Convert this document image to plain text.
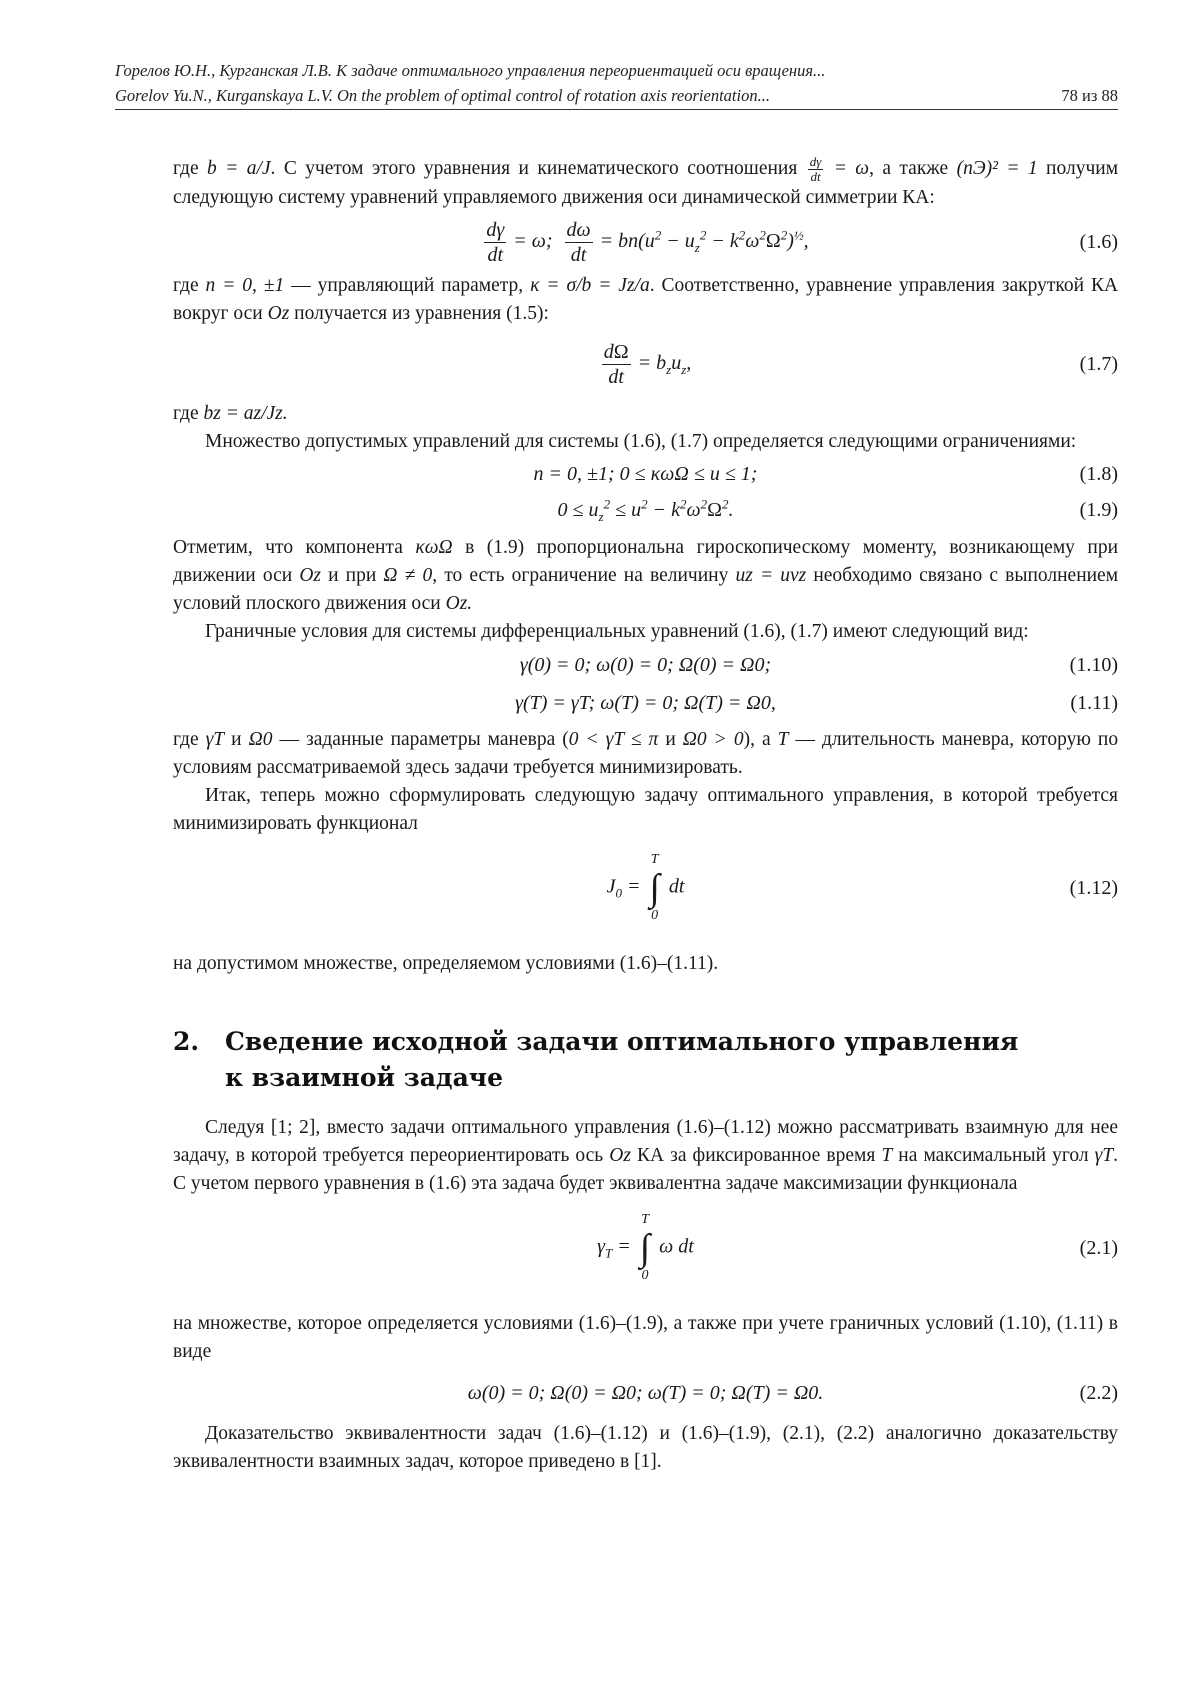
Горелов Ю.Н., Курганская Л.В. К задаче оптимального управления переориентацией оси вращения...
Gorelov Yu.N., Kurganskaya L.V. On the problem of optimal control of rotation axis reorientation...	78 из 88

где b = a/J. С учетом этого уравнения и кинематического соотношения $\frac{d\gamma}{dt} = \omega$, а также (nЭ)² = 1 получим следующую систему уравнений управляемого движения оси динамической симметрии КА:

$\frac{d\gamma}{dt} = \omega$; $\frac{d\omega}{dt} = bn(u^2 - u_z^2 - k^2\omega^2\Omega^2)^{\frac{1}{2}}$,	(1.6)

где n = 0, ±1 — управляющий параметр, κ = σ/b = Jz/a. Соответственно, уравнение управления закруткой КА вокруг оси Oz получается из уравнения (1.5):

$\frac{d\Omega}{dt} = b_zu_z$,	(1.7)

где bz = az/Jz.

Множество допустимых управлений для системы (1.6), (1.7) определяется следующими ограничениями:

n = 0, ±1; 0 ≤ κωΩ ≤ u ≤ 1;	(1.8)
$0 \le u_z^2 \le u^2 - k^2\omega^2\Omega^2$.	(1.9)

Отметим, что компонента κωΩ в (1.9) пропорциональна гироскопическому моменту, возникающему при движении оси Oz и при Ω ≠ 0, то есть ограничение на величину uz = uνz необходимо связано с выполнением условий плоского движения оси Oz.

Граничные условия для системы дифференциальных уравнений (1.6), (1.7) имеют следующий вид:

γ(0) = 0; ω(0) = 0; Ω(0) = Ω0;	(1.10)
γ(T) = γT; ω(T) = 0; Ω(T) = Ω0,	(1.11)

где γT и Ω0 — заданные параметры маневра (0 < γT ≤ π и Ω0 > 0), а T — длительность маневра, которую по условиям рассматриваемой здесь задачи требуется минимизировать.

Итак, теперь можно сформулировать следующую задачу оптимального управления, в которой требуется минимизировать функционал

$J_0$ =
T
∫
0
dt	(1.12)

на допустимом множестве, определяемом условиями (1.6)–(1.11).

2. Сведение исходной задачи оптимального управления
к взаимной задаче

Следуя [1; 2], вместо задачи оптимального управления (1.6)–(1.12) можно рассматривать взаимную для нее задачу, в которой требуется переориентировать ось Oz КА за фиксированное время T на максимальный угол γT. С учетом первого уравнения в (1.6) эта задача будет эквивалентна задаче максимизации функционала

$\gamma_T$ =
T
∫
0
ω dt	(2.1)

на множестве, которое определяется условиями (1.6)–(1.9), а также при учете граничных условий (1.10), (1.11) в виде

ω(0) = 0; Ω(0) = Ω0; ω(T) = 0; Ω(T) = Ω0.	(2.2)

Доказательство эквивалентности задач (1.6)–(1.12) и (1.6)–(1.9), (2.1), (2.2) аналогично доказательству эквивалентности взаимных задач, которое приведено в [1].
